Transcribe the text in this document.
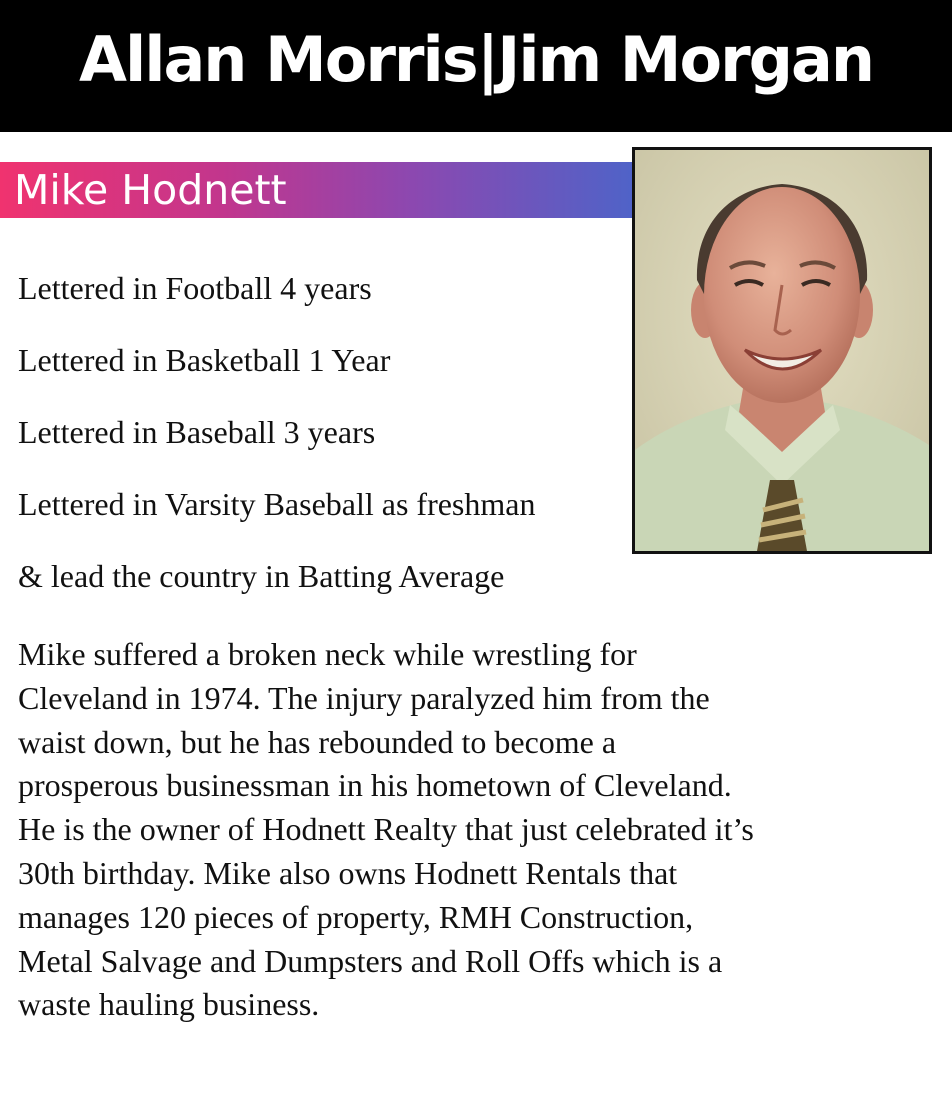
Allan Morris|Jim Morgan
Mike Hodnett
Lettered in Football 4 years
Lettered in Basketball 1 Year
Lettered in Baseball 3 years
Lettered in Varsity Baseball as freshman
& lead the country in Batting Average

Mike suffered a broken neck while wrestling for
Cleveland in 1974. The injury paralyzed him from the
waist down, but he has rebounded to become a
prosperous businessman in his hometown of Cleveland.
He is the owner of Hodnett Realty that just celebrated it’s
30th birthday. Mike also owns Hodnett Rentals that
manages 120 pieces of property, RMH Construction,
Metal Salvage and Dumpsters and Roll Offs which is a
waste hauling business.
